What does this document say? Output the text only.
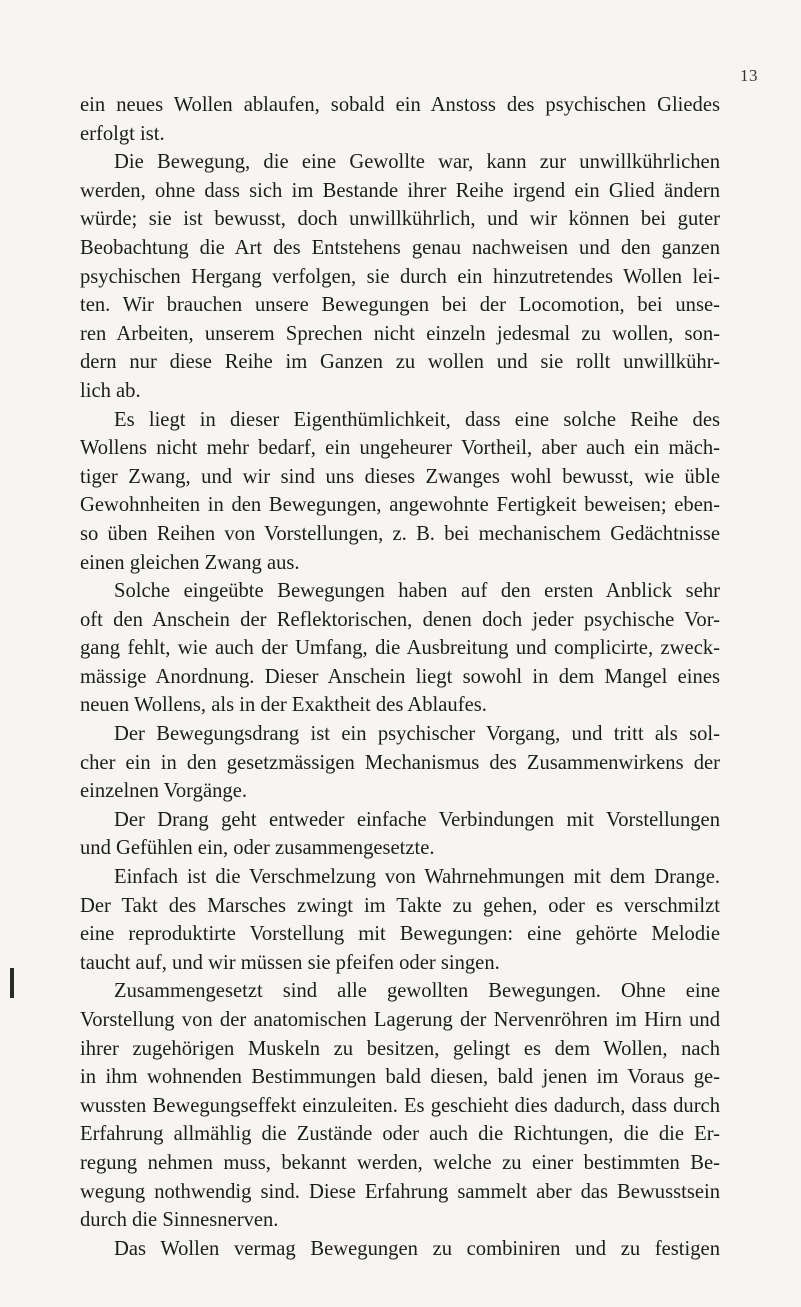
13
ein neues Wollen ablaufen, sobald ein Anstoss des psychischen Gliedes
erfolgt ist.
Die Bewegung, die eine Gewollte war, kann zur unwillkührlichen
werden, ohne dass sich im Bestande ihrer Reihe irgend ein Glied ändern
würde; sie ist bewusst, doch unwillkührlich, und wir können bei guter
Beobachtung die Art des Entstehens genau nachweisen und den ganzen
psychischen Hergang verfolgen, sie durch ein hinzutretendes Wollen lei-
ten. Wir brauchen unsere Bewegungen bei der Locomotion, bei unse-
ren Arbeiten, unserem Sprechen nicht einzeln jedesmal zu wollen, son-
dern nur diese Reihe im Ganzen zu wollen und sie rollt unwillkühr-
lich ab.
Es liegt in dieser Eigenthümlichkeit, dass eine solche Reihe des
Wollens nicht mehr bedarf, ein ungeheurer Vortheil, aber auch ein mäch-
tiger Zwang, und wir sind uns dieses Zwanges wohl bewusst, wie üble
Gewohnheiten in den Bewegungen, angewohnte Fertigkeit beweisen; eben-
so üben Reihen von Vorstellungen, z. B. bei mechanischem Gedächtnisse
einen gleichen Zwang aus.
Solche eingeübte Bewegungen haben auf den ersten Anblick sehr
oft den Anschein der Reflektorischen, denen doch jeder psychische Vor-
gang fehlt, wie auch der Umfang, die Ausbreitung und complicirte, zweck-
mässige Anordnung. Dieser Anschein liegt sowohl in dem Mangel eines
neuen Wollens, als in der Exaktheit des Ablaufes.
Der Bewegungsdrang ist ein psychischer Vorgang, und tritt als sol-
cher ein in den gesetzmässigen Mechanismus des Zusammenwirkens der
einzelnen Vorgänge.
Der Drang geht entweder einfache Verbindungen mit Vorstellungen
und Gefühlen ein, oder zusammengesetzte.
Einfach ist die Verschmelzung von Wahrnehmungen mit dem Drange.
Der Takt des Marsches zwingt im Takte zu gehen, oder es verschmilzt
eine reproduktirte Vorstellung mit Bewegungen: eine gehörte Melodie
taucht auf, und wir müssen sie pfeifen oder singen.
Zusammengesetzt sind alle gewollten Bewegungen. Ohne eine
Vorstellung von der anatomischen Lagerung der Nervenröhren im Hirn und
ihrer zugehörigen Muskeln zu besitzen, gelingt es dem Wollen, nach
in ihm wohnenden Bestimmungen bald diesen, bald jenen im Voraus ge-
wussten Bewegungseffekt einzuleiten. Es geschieht dies dadurch, dass durch
Erfahrung allmählig die Zustände oder auch die Richtungen, die die Er-
regung nehmen muss, bekannt werden, welche zu einer bestimmten Be-
wegung nothwendig sind. Diese Erfahrung sammelt aber das Bewusstsein
durch die Sinnesnerven.
Das Wollen vermag Bewegungen zu combiniren und zu festigen
